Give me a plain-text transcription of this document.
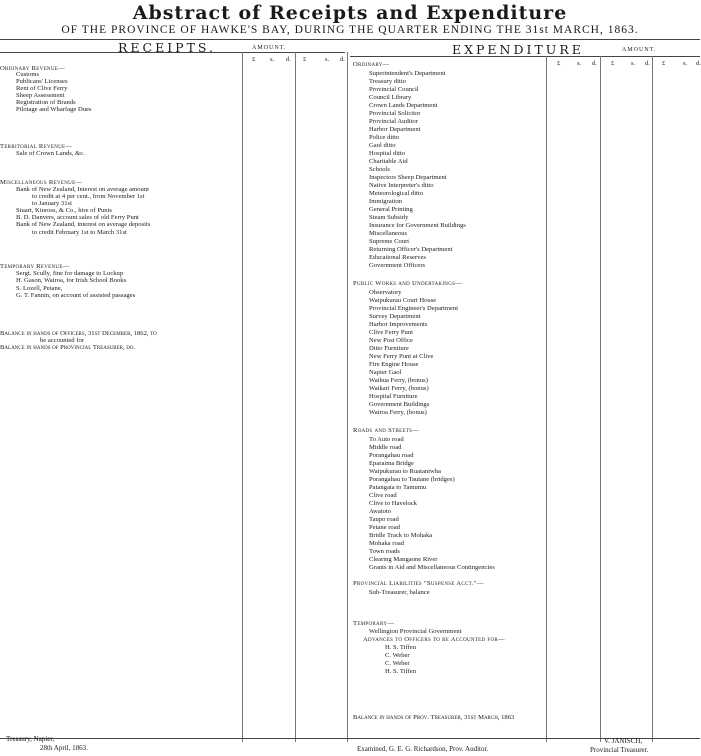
Abstract of Receipts and Expenditure
OF THE PROVINCE OF HAWKE'S BAY, DURING THE QUARTER ENDING THE 31st MARCH, 1863.
RECEIPTS.	AMOUNT.	EXPENDITURE	AMOUNT.
Ordinary Revenue—
Customs
Publicans' Licenses
Rent of Clive Ferry
Sheep Assessment
Registration of Brands
Pilotage and Wharfage Dues
Territorial Revenue—
Sale of Crown Lands, &c.
Miscellaneous Revenue—
Bank of New Zealand, Interest on average amount
to credit at 4 per cent., from November 1st
to January 31st
Stuart, Kinross, & Co., hire of Punts
B. D. Danvers, account sales of old Ferry Punt
Bank of New Zealand, interest on average deposits
to credit February 1st to March 31st
Temporary Revenue—
Sergt. Scully, fine for damage to Lockup
H. Gason, Wairoa, for Irish School Books
S. Lozell, Petane,
G. T. Fannin, on account of assisted passages
Balance in hands of Officers, 31st December, 1862, to
be accounted for
Balance in hands of Provincial Treasurer, do.
Ordinary—
Superintendent's Department
Treasury ditto
Provincial Council
Council Library
Crown Lands Department
Provincial Solicitor
Provincial Auditor
Harbor Department
Police ditto
Gaol ditto
Hospital ditto
Charitable Aid
Schools
Inspectors Sheep Department
Native Interpreter's ditto
Meteorological ditto
Immigration
General Printing
Steam Subsidy
Insurance for Government Buildings
Miscellaneous
Supreme Court
Returning Officer's Department
Educational Reserves
Government Officers
Public Works and Undertakings—
Observatory
Waipukurau Court House
Provincial Engineer's Department
Survey Department
Harbor Improvements
Clive Ferry Punt
New Post Office
Ditto Furniture
New Ferry Punt at Clive
Fire Engine House
Napier Gaol
Waihua Ferry, (bonus)
Waikari Ferry, (bonus)
Hospital Furniture
Government Buildings
Wairoa Ferry, (bonus)
Roads and Streets—
To Auto road
Middle road
Porangahau road
Eparaima Bridge
Waipukurau to Ruataniwha
Porangahau to Tautane (bridges)
Patangata to Tamumu
Clive road
Clive to Havelock
Awatoto
Taupo road
Petane road
Bridle Track to Mohaka
Mohaka road
Town roads
Clearing Mangaone River
Grants in Aid and Miscellaneous Contingencies
Provincial Liabilities "Suspense Acct."—
Sub-Treasurer, balance
Temporary—
Wellington Provincial Government
Advances to Officers to be Accounted for—
H. S. Tiffen
C. Weber
C. Weber
H. S. Tiffen
Balance in hands of Prov. Treasurer, 31st March, 1863
Treasury, Napier,
28th April, 1863.	Examined, G. E. G. Richardson, Prov. Auditor.
V. JANISCH,
Provincial Treasurer.
£ s. d. £	s. d.
£	s. d. £	s. d. £	s. d.
